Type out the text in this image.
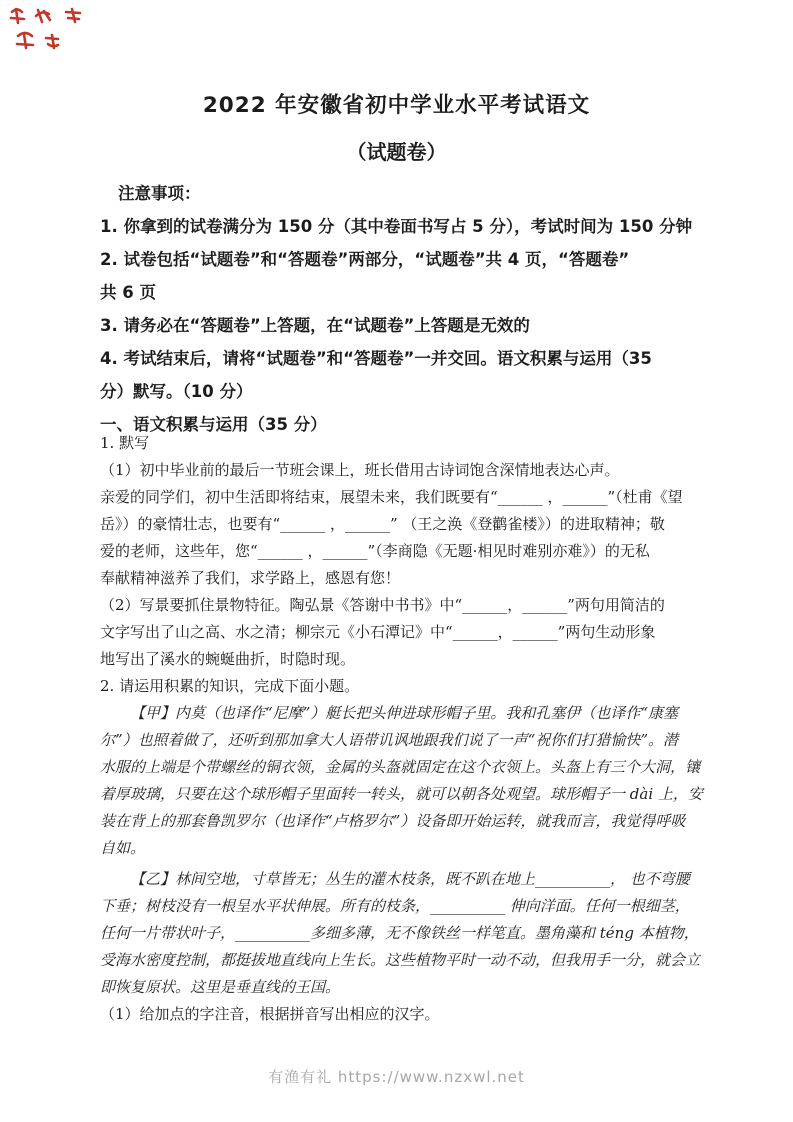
2022 年安徽省初中学业水平考试语文
（试题卷）
注意事项：
1. 你拿到的试卷满分为 150 分（其中卷面书写占 5 分），考试时间为 150 分钟
2. 试卷包括“试题卷”和“答题卷”两部分，“试题卷”共 4 页，“答题卷”
共 6 页
3. 请务必在“答题卷”上答题，在“试题卷”上答题是无效的
4. 考试结束后，请将“试题卷”和“答题卷”一并交回。语文积累与运用（35
分）默写。（10 分）
一、语文积累与运用（35 分）
1. 默写
（1）初中毕业前的最后一节班会课上，班长借用古诗词饱含深情地表达心声。
亲爱的同学们，初中生活即将结束，展望未来，我们既要有“______ ，______”（杜甫《望
岳》）的豪情壮志，也要有“______ ，______” （王之涣《登鹳雀楼》）的进取精神；敬
爱的老师，这些年，您“______ ，______”（李商隐《无题·相见时难别亦难》）的无私
奉献精神滋养了我们，求学路上，感恩有您！
（2）写景要抓住景物特征。陶弘景《答谢中书书》中“______，______”两句用简洁的
文字写出了山之高、水之清；柳宗元《小石潭记》中“______，______”两句生动形象
地写出了溪水的蜿蜒曲折，时隐时现。
2. 请运用积累的知识，完成下面小题。
【甲】内莫（也译作“尼摩”）艇长把头伸进球形帽子里。我和孔塞伊（也译作“康塞
尔”）也照着做了，还听到那加拿大人语带讥讽地跟我们说了一声“祝你们打猎愉快”。潜
水服的上端是个带螺丝的铜衣领，金属的头盔就固定在这个衣领上。头盔上有三个大洞，镶
着厚玻璃，只要在这个球形帽子里面转一转头，就可以朝各处观望。球形帽子一 dài 上，安
装在背上的那套鲁凯罗尔（也译作“卢格罗尔”）设备即开始运转，就我而言，我觉得呼吸
自如。
【乙】林间空地，寸草皆无；丛生的灌木枝条，既不趴在地上__________， 也不弯腰
下垂；树枝没有一根呈水平状伸展。所有的枝条，__________ 伸向洋面。任何一根细茎，
任何一片带状叶子，__________多细多薄，无不像铁丝一样笔直。墨角藻和 téng 本植物，
受海水密度控制，都挺拔地直线向上生长。这些植物平时一动不动，但我用手一分，就会立
即恢复原状。这里是垂直线的王国。
（1）给加点的字注音，根据拼音写出相应的汉字。
有渔有礼 https://www.nzxwl.net
